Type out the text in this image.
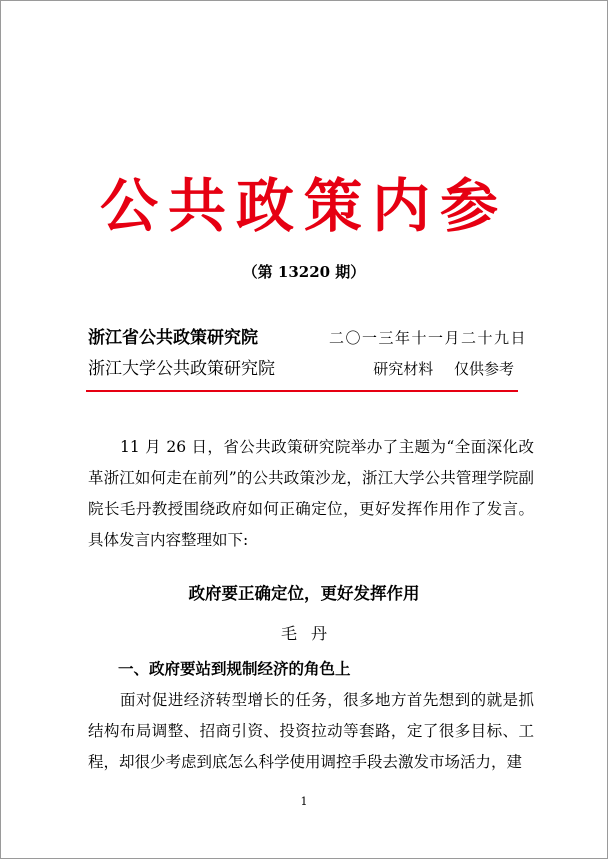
公共政策内参
（第 13220 期）
浙江省公共政策研究院	二〇一三年十一月二十九日
浙江大学公共政策研究院	研究材料 仅供参考
11 月 26 日，省公共政策研究院举办了主题为“全面深化改革浙江如何走在前列”的公共政策沙龙，浙江大学公共管理学院副院长毛丹教授围绕政府如何正确定位，更好发挥作用作了发言。具体发言内容整理如下:
政府要正确定位，更好发挥作用
毛丹
一、政府要站到规制经济的角色上
面对促进经济转型增长的任务，很多地方首先想到的就是抓结构布局调整、招商引资、投资拉动等套路，定了很多目标、工程，却很少考虑到底怎么科学使用调控手段去激发市场活力，建
1
